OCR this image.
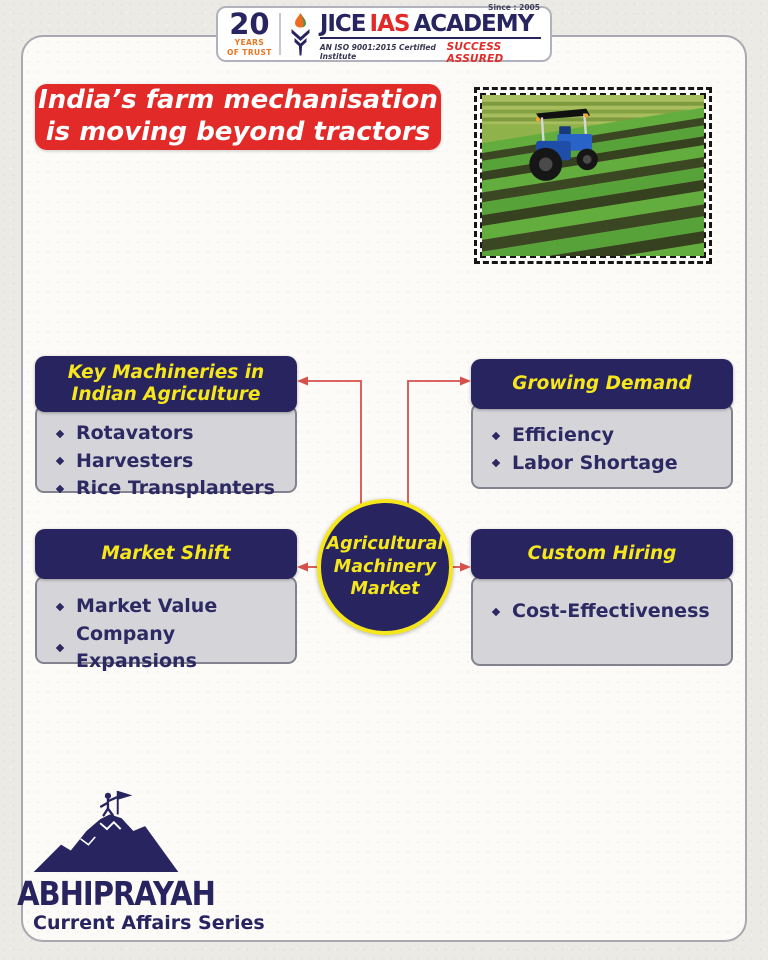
20
YEARS
OF TRUST
Since : 2005
JICE IAS ACADEMY
AN ISO 9001:2015 Certified Institute
SUCCESS ASSURED
India’s farm mechanisation
is moving beyond tractors
Key Machineries in Indian Agriculture
Rotavators
Harvesters
Rice Transplanters
Growing Demand
Efficiency
Labor Shortage
Market Shift
Market Value
Company Expansions
Custom Hiring
Cost-Effectiveness
Agricultural
Machinery
Market
ABHIPRAYAH
Current Affairs Series
